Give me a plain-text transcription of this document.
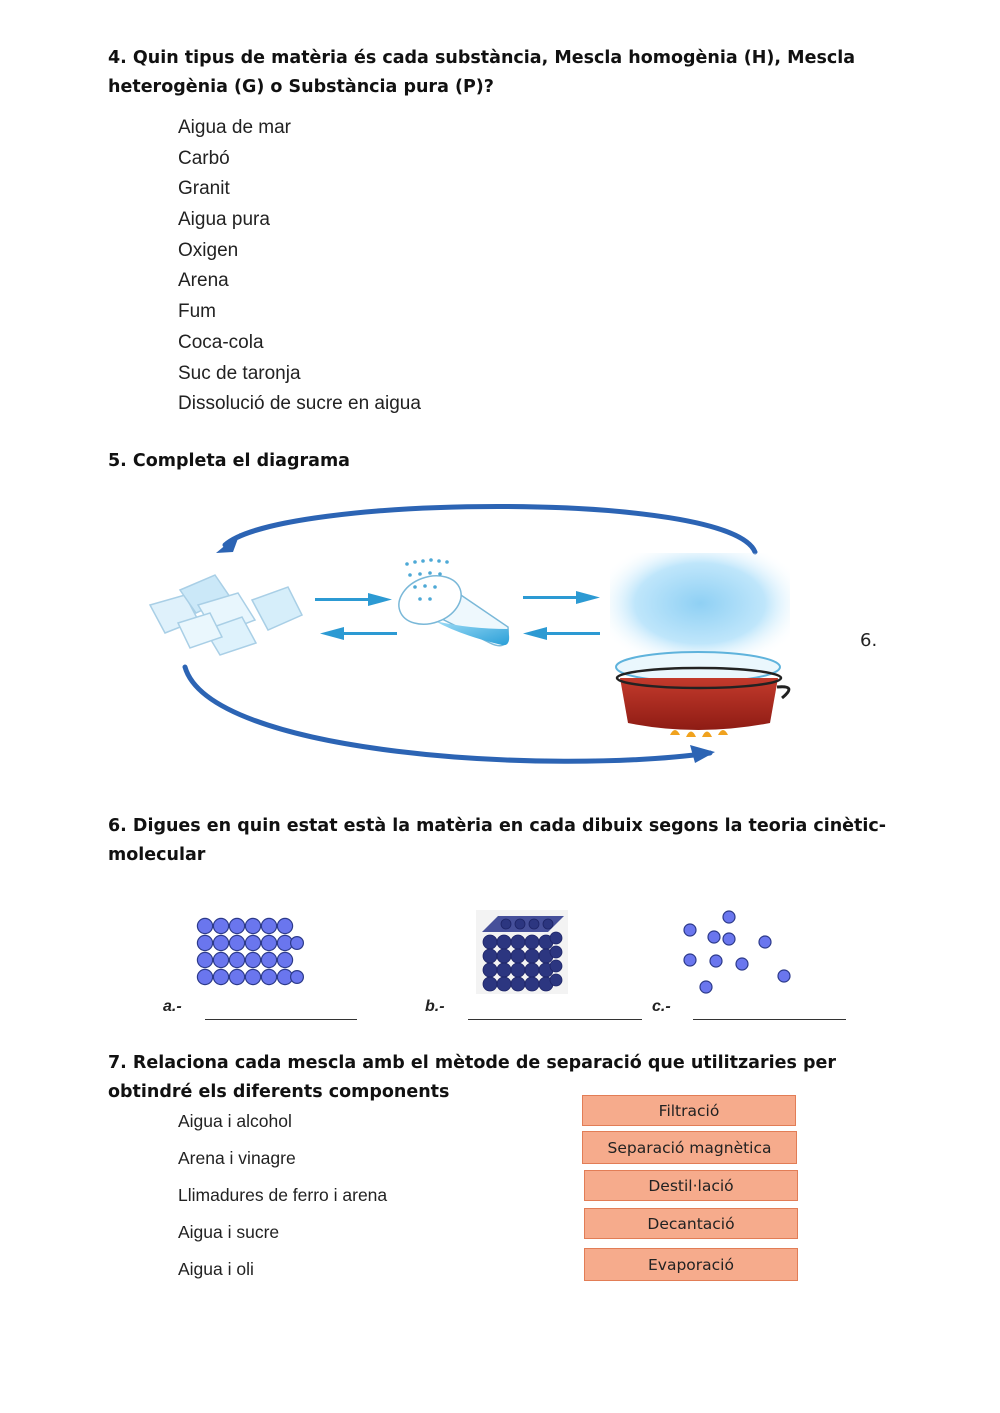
4. Quin tipus de matèria és cada substància, Mescla homogènia (H), Mescla heterogènia (G) o Substància pura (P)?
Aigua de mar
Carbó
Granit
Aigua pura
Oxigen
Arena
Fum
Coca-cola
Suc de taronja
Dissolució de sucre en aigua
5. Completa el diagrama
6.
6. Digues en quin estat està la matèria en cada dibuix segons la teoria cinètic-molecular
a.-	b.-	c.-
7. Relaciona cada mescla amb el mètode de separació que utilitzaries per obtindré els diferents components
Aigua i alcohol
Arena i vinagre
Llimadures de ferro i arena
Aigua i sucre
Aigua i oli
Filtració
Separació magnètica
Destil·lació
Decantació
Evaporació
